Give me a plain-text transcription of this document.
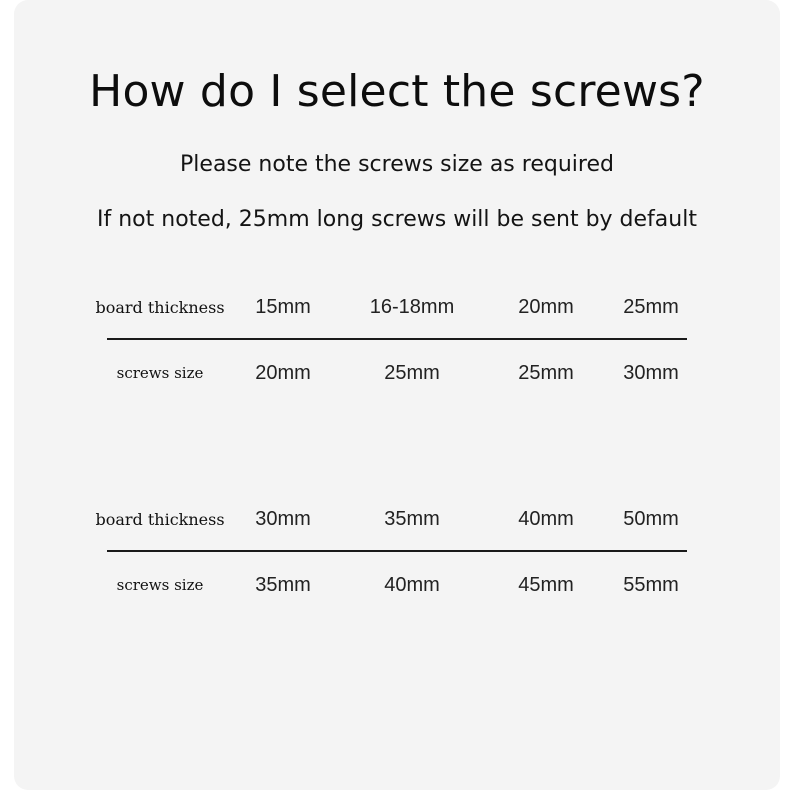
How do I select the screws?
Please note the screws size as required
If not noted, 25mm long screws will be sent by default
board thickness	15mm	16-18mm	20mm	25mm
screws size	20mm	25mm	25mm	30mm
board thickness	30mm	35mm	40mm	50mm
screws size	35mm	40mm	45mm	55mm
